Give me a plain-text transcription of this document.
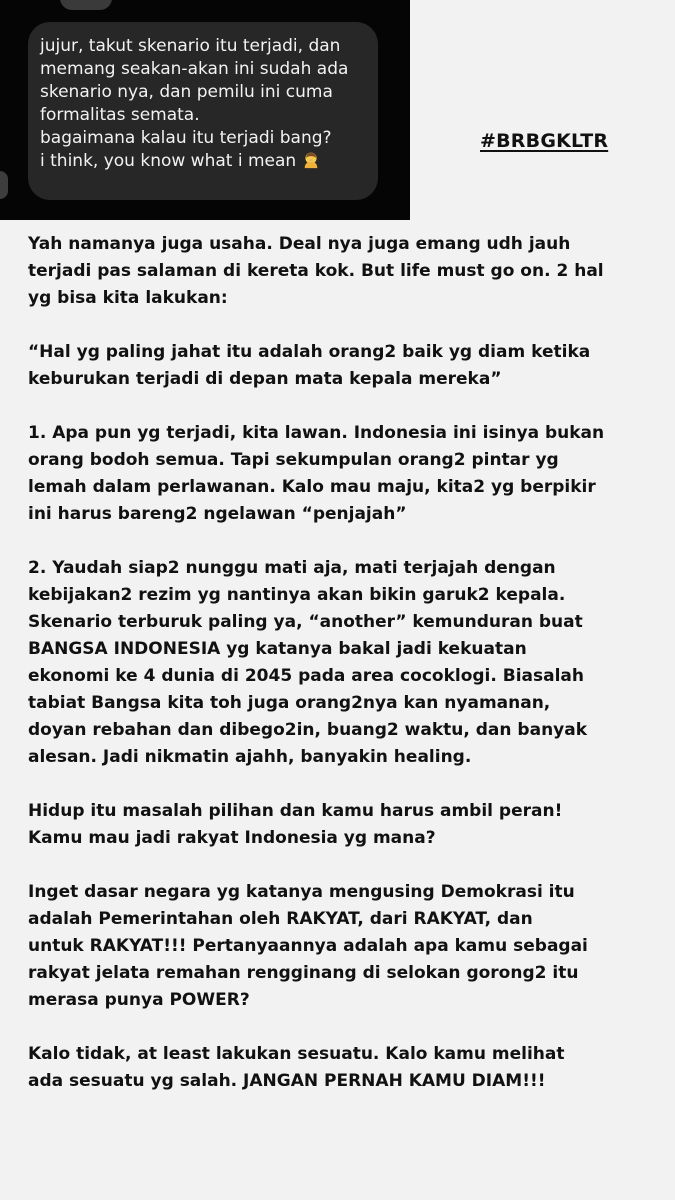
jujur, takut skenario itu terjadi, dan
memang seakan-akan ini sudah ada
skenario nya, dan pemilu ini cuma
formalitas semata.
bagaimana kalau itu terjadi bang?
i think, you know what i mean
#BRBGKLTR
Yah namanya juga usaha. Deal nya juga emang udh jauh
terjadi pas salaman di kereta kok. But life must go on. 2 hal
yg bisa kita lakukan:
“Hal yg paling jahat itu adalah orang2 baik yg diam ketika
keburukan terjadi di depan mata kepala mereka”
1. Apa pun yg terjadi, kita lawan. Indonesia ini isinya bukan
orang bodoh semua. Tapi sekumpulan orang2 pintar yg
lemah dalam perlawanan. Kalo mau maju, kita2 yg berpikir
ini harus bareng2 ngelawan “penjajah”
2. Yaudah siap2 nunggu mati aja, mati terjajah dengan
kebijakan2 rezim yg nantinya akan bikin garuk2 kepala.
Skenario terburuk paling ya, “another” kemunduran buat
BANGSA INDONESIA yg katanya bakal jadi kekuatan
ekonomi ke 4 dunia di 2045 pada area cocoklogi. Biasalah
tabiat Bangsa kita toh juga orang2nya kan nyamanan,
doyan rebahan dan dibego2in, buang2 waktu, dan banyak
alesan. Jadi nikmatin ajahh, banyakin healing.
Hidup itu masalah pilihan dan kamu harus ambil peran!
Kamu mau jadi rakyat Indonesia yg mana?
Inget dasar negara yg katanya mengusing Demokrasi itu
adalah Pemerintahan oleh RAKYAT, dari RAKYAT, dan
untuk RAKYAT!!! Pertanyaannya adalah apa kamu sebagai
rakyat jelata remahan rengginang di selokan gorong2 itu
merasa punya POWER?
Kalo tidak, at least lakukan sesuatu. Kalo kamu melihat
ada sesuatu yg salah. JANGAN PERNAH KAMU DIAM!!!
